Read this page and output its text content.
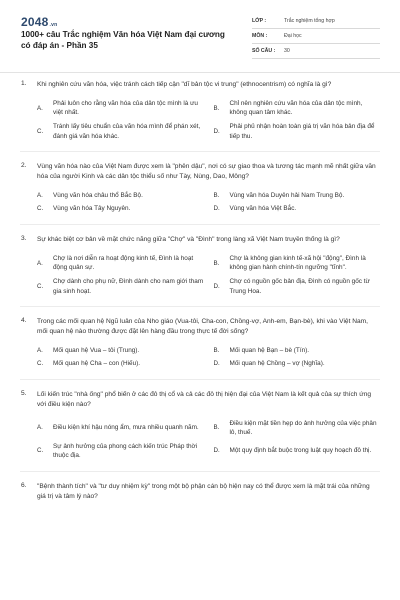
2048.vn
1000+ câu Trắc nghiệm Văn hóa Việt Nam đại cương có đáp án - Phần 35
LỚP :	Trắc nghiệm tổng hợp
MÔN :	Đại học
SỐ CÂU :	30
1. Khi nghiên cứu văn hóa, việc tránh cách tiếp cận "dĩ bản tộc vi trung" (ethnocentrism) có nghĩa là gì?
A.
Phải luôn cho rằng văn hóa của dân tộc mình là ưu việt nhất.
B.
Chỉ nên nghiên cứu văn hóa của dân tộc mình, không quan tâm khác.
C.
Tránh lấy tiêu chuẩn của văn hóa mình để phán xét, đánh giá văn hóa khác.
D.
Phải phủ nhận hoàn toàn giá trị văn hóa bản địa để tiếp thu.
2. Vùng văn hóa nào của Việt Nam được xem là "phên dậu", nơi có sự giao thoa và tương tác mạnh mẽ nhất giữa văn hóa của người Kinh và các dân tộc thiểu số như Tày, Nùng, Dao, Mông?
A.	Vùng văn hóa châu thổ Bắc Bộ.	B.	Vùng văn hóa Duyên hải Nam Trung Bộ.
C.	Vùng văn hóa Tây Nguyên.	D.	Vùng văn hóa Việt Bắc.
3. Sự khác biệt cơ bản về mặt chức năng giữa "Chợ" và "Đình" trong làng xã Việt Nam truyền thống là gì?
A.
Chợ là nơi diễn ra hoạt động kinh tế, Đình là hoạt động quản sự.
B.
Chợ là không gian kinh tế-xã hội "động", Đình là không gian hành chính-tín ngưỡng "tĩnh".
C.
Chợ dành cho phụ nữ, Đình dành cho nam giới tham gia sinh hoạt.
D.
Chợ có nguồn gốc bản địa, Đình có nguồn gốc từ Trung Hoa.
4. Trong các mối quan hệ Ngũ luân của Nho giáo (Vua-tôi, Cha-con, Chồng-vợ, Anh-em, Bạn-bè), khi vào Việt Nam, mối quan hệ nào thường được đặt lên hàng đầu trong thực tế đời sống?
A.	Mối quan hệ Vua – tôi (Trung).	B.	Mối quan hệ Bạn – bè (Tín).
C.	Mối quan hệ Cha – con (Hiếu).	D.	Mối quan hệ Chồng – vợ (Nghĩa).
5. Lối kiến trúc "nhà ống" phổ biến ở các đô thị cổ và cả các đô thị hiện đại của Việt Nam là kết quả của sự thích ứng với điều kiện nào?
A.	Điều kiện khí hậu nóng ẩm, mưa nhiều quanh năm.	B.
Điều kiện mặt tiền hẹp do ảnh hưởng của việc phân lô, thuế.
C.
Sự ảnh hưởng của phong cách kiến trúc Pháp thời thuộc địa.
D.	Một quy định bắt buộc trong luật quy hoạch đô thị.
6. "Bệnh thành tích" và "tư duy nhiệm kỳ" trong một bộ phận cán bộ hiện nay có thể được xem là mặt trái của những giá trị và tâm lý nào?
